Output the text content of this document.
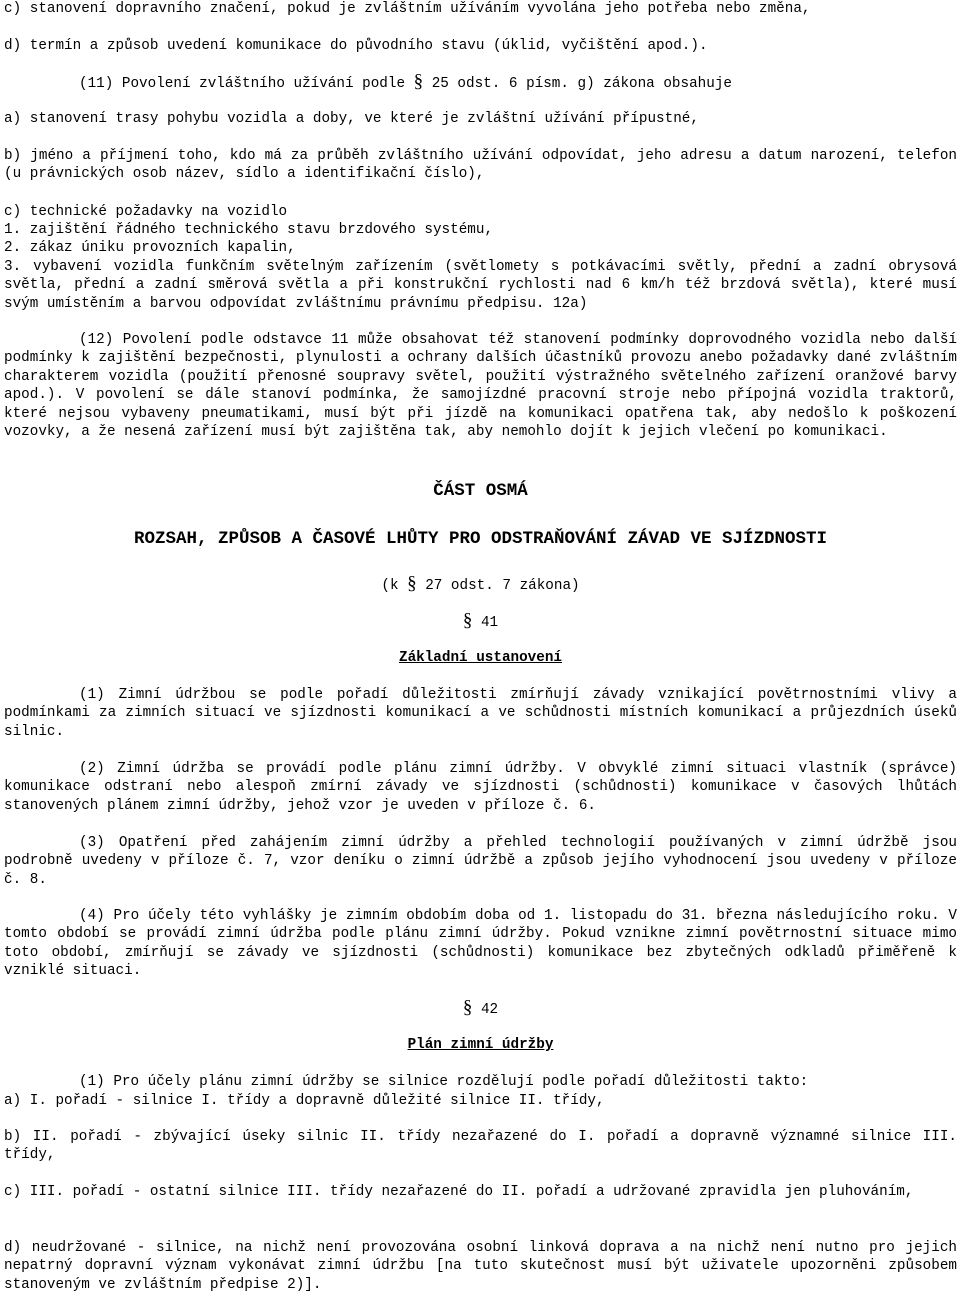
c) stanovení dopravního značení, pokud je zvláštním užíváním vyvolána jeho potřeba nebo změna,
d) termín a způsob uvedení komunikace do původního stavu (úklid, vyčištění apod.).
(11) Povolení zvláštního užívání podle § 25 odst. 6 písm. g) zákona obsahuje
a) stanovení trasy pohybu vozidla a doby, ve které je zvláštní užívání přípustné,
b) jméno a příjmení toho, kdo má za průběh zvláštního užívání odpovídat, jeho adresu a datum narození, telefon (u právnických osob název, sídlo a identifikační číslo),
c) technické požadavky na vozidlo
1. zajištění řádného technického stavu brzdového systému,
2. zákaz úniku provozních kapalin,
3. vybavení vozidla funkčním světelným zařízením (světlomety s potkávacími světly, přední a zadní obrysová světla, přední a zadní směrová světla a při konstrukční rychlosti nad 6 km/h též brzdová světla), které musí svým umístěním a barvou odpovídat zvláštnímu právnímu předpisu. 12a)
(12) Povolení podle odstavce 11 může obsahovat též stanovení podmínky doprovodného vozidla nebo další podmínky k zajištění bezpečnosti, plynulosti a ochrany dalších účastníků provozu anebo požadavky dané zvláštním charakterem vozidla (použití přenosné soupravy světel, použití výstražného světelného zařízení oranžové barvy apod.). V povolení se dále stanoví podmínka, že samojízdné pracovní stroje nebo přípojná vozidla traktorů, které nejsou vybaveny pneumatikami, musí být při jízdě na komunikaci opatřena tak, aby nedošlo k poškození vozovky, a že nesená zařízení musí být zajištěna tak, aby nemohlo dojít k jejich vlečení po komunikaci.
ČÁST OSMÁ
ROZSAH, ZPŮSOB A ČASOVÉ LHŮTY PRO ODSTRAŇOVÁNÍ ZÁVAD VE SJÍZDNOSTI
(k § 27 odst. 7 zákona)
§ 41
Základní ustanovení
(1) Zimní údržbou se podle pořadí důležitosti zmírňují závady vznikající povětrnostními vlivy a podmínkami za zimních situací ve sjízdnosti komunikací a ve schůdnosti místních komunikací a průjezdních úseků silnic.
(2) Zimní údržba se provádí podle plánu zimní údržby. V obvyklé zimní situaci vlastník (správce) komunikace odstraní nebo alespoň zmírní závady ve sjízdnosti (schůdnosti) komunikace v časových lhůtách stanovených plánem zimní údržby, jehož vzor je uveden v příloze č. 6.
(3) Opatření před zahájením zimní údržby a přehled technologií používaných v zimní údržbě jsou podrobně uvedeny v příloze č. 7, vzor deníku o zimní údržbě a způsob jejího vyhodnocení jsou uvedeny v příloze č. 8.
(4) Pro účely této vyhlášky je zimním obdobím doba od 1. listopadu do 31. března následujícího roku. V tomto období se provádí zimní údržba podle plánu zimní údržby. Pokud vznikne zimní povětrnostní situace mimo toto období, zmírňují se závady ve sjízdnosti (schůdnosti) komunikace bez zbytečných odkladů přiměřeně k vzniklé situaci.
§ 42
Plán zimní údržby
(1) Pro účely plánu zimní údržby se silnice rozdělují podle pořadí důležitosti takto:
a) I. pořadí - silnice I. třídy a dopravně důležité silnice II. třídy,
b) II. pořadí - zbývající úseky silnic II. třídy nezařazené do I. pořadí a dopravně významné silnice III. třídy,
c) III. pořadí - ostatní silnice III. třídy nezařazené do II. pořadí a udržované zpravidla jen pluhováním,
d) neudržované - silnice, na nichž není provozována osobní linková doprava a na nichž není nutno pro jejich nepatrný dopravní význam vykonávat zimní údržbu [na tuto skutečnost musí být uživatele upozorněni způsobem stanoveným ve zvláštním předpise 2)].
